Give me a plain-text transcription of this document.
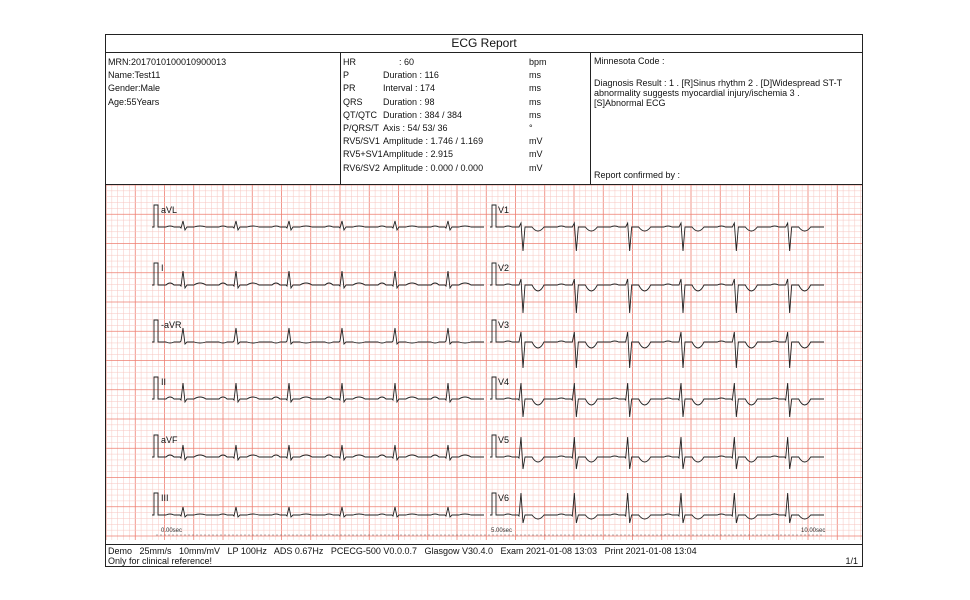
ECG Report
MRN:2017010100010900013
Name:Test11
Gender:Male
Age:55Years
HR	: 60	bpm
P	Duration : 116	ms
PR	Interval : 174	ms
QRS Duration : 98	ms
QT/QTC Duration : 384 / 384	ms
P/QRS/T Axis : 54/ 53/ 36	°
RV5/SV1 Amplitude : 1.746 / 1.169	mV
RV5+SV1 Amplitude : 2.915	mV
RV6/SV2 Amplitude : 0.000 / 0.000	mV
Minnesota Code :
Diagnosis Result : 1 . [R]Sinus rhythm 2 . [D]Widespread ST-T abnormality suggests myocardial injury/ischemia 3 . [S]Abnormal ECG
Report confirmed by :
aVL
I
-aVR
II
aVF
III
V1
V2
V3
V4
V5
V6
0.00sec	5.00sec	10.00sec
Demo   25mm/s   10mm/mV   LP 100Hz   ADS 0.67Hz   PCECG-500 V0.0.0.7   Glasgow V30.4.0   Exam 2021-01-08 13:03   Print 2021-01-08 13:04
Only for clinical reference!	1/1
